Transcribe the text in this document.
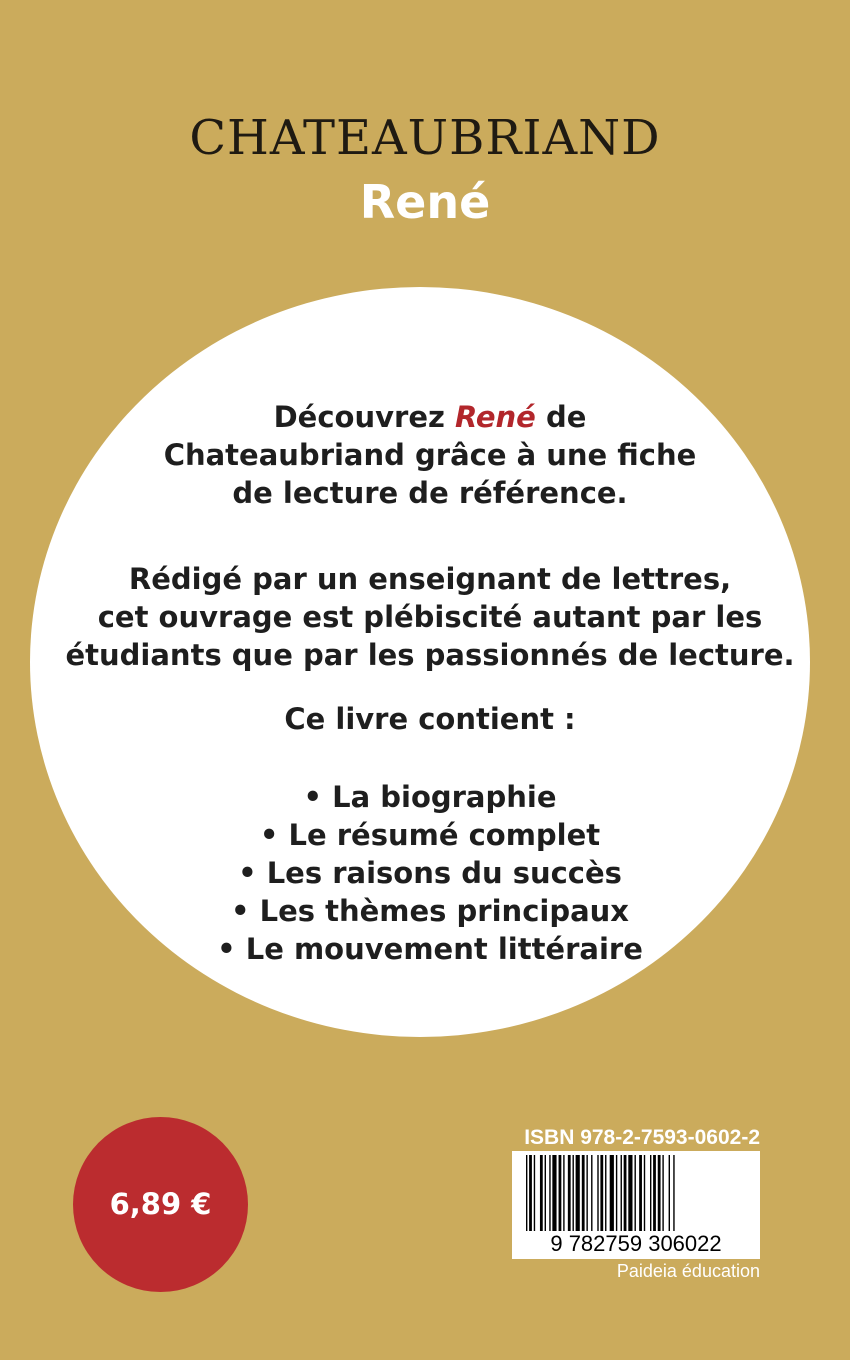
CHATEAUBRIAND
René

Découvrez René de

Chateaubriand grâce à une fiche

de lecture de référence.

Rédigé par un enseignant de lettres,

cet ouvrage est plébiscité autant par les

étudiants que par les passionnés de lecture.

Ce livre contient :

• La biographie

• Le résumé complet

• Les raisons du succès

• Les thèmes principaux

• Le mouvement littéraire

6,89 €
ISBN 978-2-7593-0602-2
9 782759 306022
Paideia éducation
